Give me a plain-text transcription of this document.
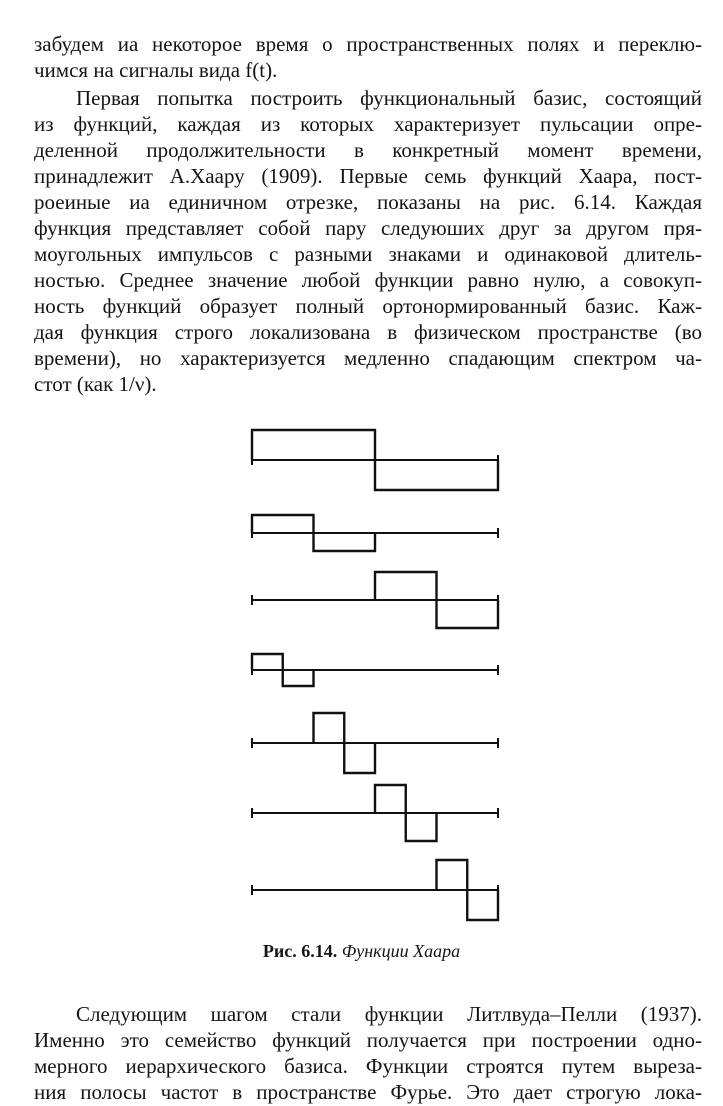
забудем иа некоторое время о пространственных полях и переклю-
чимся на сигналы вида f(t).
Первая попытка построить функциональный базис, состоящий
из функций, каждая из которых характеризует пульсации опре-
деленной продолжительности в конкретный момент времени,
принадлежит А.Хаару (1909). Первые семь функций Хаара, пост-
роеиные иа единичном отрезке, показаны на рис. 6.14. Каждая
функция представляет собой пару следуюших друг за другом пря-
моугольных импульсов с разными знаками и одинаковой длитель-
ностью. Среднее значение любой функции равно нулю, а совокуп-
ность функций образует полный ортонормированный базис. Каж-
дая функция строго локализована в физическом пространстве (во
времени), но характеризуется медленно спадающим спектром ча-
стот (как 1/ν).
Рис. 6.14. Функции Хаара
Следующим шагом стали функции Литлвуда–Пелли (1937).
Именно это семейство функций получается при построении одно-
мерного иерархического базиса. Функции строятся путем выреза-
ния полосы частот в пространстве Фурье. Это дает строгую лока-
